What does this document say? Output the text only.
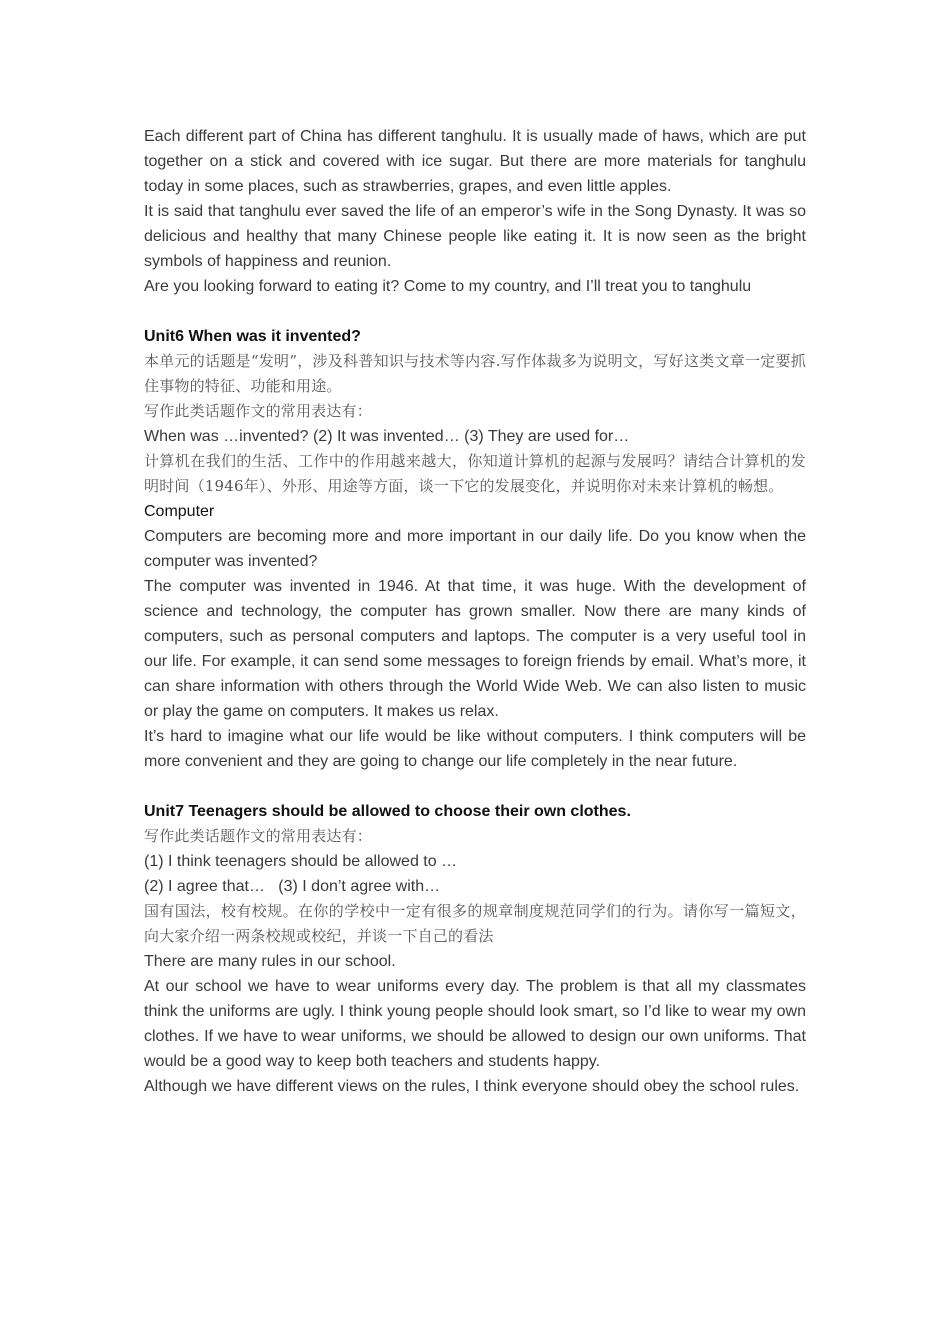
Each different part of China has different tanghulu. It is usually made of haws, which are put together on a stick and covered with ice sugar. But there are more materials for tanghulu today in some places, such as strawberries, grapes, and even little apples.

It is said that tanghulu ever saved the life of an emperor’s wife in the Song Dynasty. It was so delicious and healthy that many Chinese people like eating it. It is now seen as the bright symbols of happiness and reunion.

Are you looking forward to eating it? Come to my country, and I’ll treat you to tanghulu

Unit6 When was it invented?

本单元的话题是“发明”，涉及科普知识与技术等内容.写作体裁多为说明文，写好这类文章一定要抓住事物的特征、功能和用途。

写作此类话题作文的常用表达有：

When was …invented? (2) It was invented… (3) They are used for…

计算机在我们的生活、工作中的作用越来越大，你知道计算机的起源与发展吗？请结合计算机的发明时间（1946年）、外形、用途等方面，谈一下它的发展变化，并说明你对未来计算机的畅想。

Computer

Computers are becoming more and more important in our daily life. Do you know when the computer was invented?

The computer was invented in 1946. At that time, it was huge. With the development of science and technology, the computer has grown smaller. Now there are many kinds of computers, such as personal computers and laptops. The computer is a very useful tool in our life. For example, it can send some messages to foreign friends by email. What’s more, it can share information with others through the World Wide Web. We can also listen to music or play the game on computers. It makes us relax.

It’s hard to imagine what our life would be like without computers. I think computers will be more convenient and they are going to change our life completely in the near future.

Unit7 Teenagers should be allowed to choose their own clothes.

写作此类话题作文的常用表达有：

(1) I think teenagers should be allowed to …

(2) I agree that…   (3) I don’t agree with…

国有国法，校有校规。在你的学校中一定有很多的规章制度规范同学们的行为。请你写一篇短文，向大家介绍一两条校规或校纪，并谈一下自己的看法

There are many rules in our school.

At our school we have to wear uniforms every day. The problem is that all my classmates think the uniforms are ugly. I think young people should look smart, so I’d like to wear my own clothes. If we have to wear uniforms, we should be allowed to design our own uniforms. That would be a good way to keep both teachers and students happy.

Although we have different views on the rules, I think everyone should obey the school rules.
